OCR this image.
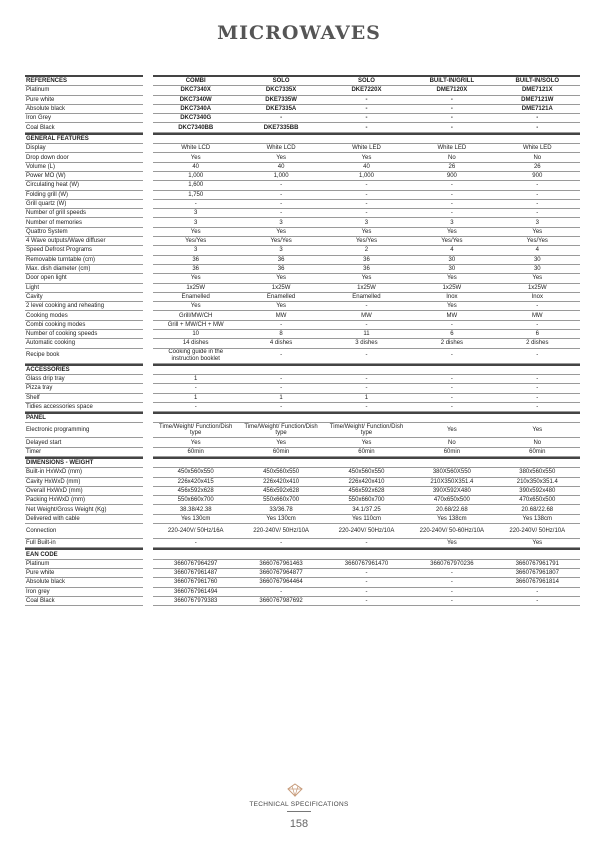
MICROWAVES
REFERENCES		COMBI	SOLO	SOLO	BUILT-IN/GRILL	BUILT-IN/SOLO
Platinum		DKC7340X	DKC7335X	DKE7220X	DME7120X	DME7121X
Pure white		DKC7340W	DKE7335W	-	-	DME7121W
Absolute black		DKC7340A	DKE7335A	-	-	DME7121A
Iron Grey		DKC7340G	-	-	-	-
Coal Black		DKC7340BB	DKE7335BB	-	-	-
GENERAL FEATURES						
Display		White LCD	White LCD	White LED	White LED	White LED
Drop down door		Yes	Yes	Yes	No	No
Volume (L)		40	40	40	26	26
Power MO (W)		1,000	1,000	1,000	900	900
Circulating heat (W)		1,600	-	-	-	-
Folding grill (W)		1,750	-	-	-	-
Grill quartz (W)		-	-	-	-	-
Number of grill speeds		3	-	-	-	-
Number of memories		3	3	3	3	3
Quattro System		Yes	Yes	Yes	Yes	Yes
4 Wave outputs/Wave diffuser		Yes/Yes	Yes/Yes	Yes/Yes	Yes/Yes	Yes/Yes
Speed Defrost Programs		3	3	2	4	4
Removable turntable (cm)		36	36	36	30	30
Max. dish diameter (cm)		36	36	36	30	30
Door open light		Yes	Yes	Yes	Yes	Yes
Light		1x25W	1x25W	1x25W	1x25W	1x25W
Cavity		Enamelled	Enamelled	Enamelled	Inox	Inox
2 level cooking and reheating		Yes	Yes	-	Yes	-
Cooking modes		Grill/MW/CH	MW	MW	MW	MW
Combi cooking modes		Grill + MW/CH + MW	-	-	-	-
Number of cooking speeds		10	8	11	6	6
Automatic cooking		14 dishes	4 dishes	3 dishes	2 dishes	2 dishes
Recipe book		Cooking guide in the instruction booklet	-	-	-	-
ACCESSORIES						
Glass drip tray		1	-	-	-	-
Pizza tray		-	-	-	-	-
Shelf		1	1	1	-	-
Tidies accessories space		-	-	-	-	-
PANEL						
Electronic programming		Time/Weight/ Function/Dish type	Time/Weight/ Function/Dish type	Time/Weight/ Function/Dish type	Yes	Yes
Delayed start		Yes	Yes	Yes	No	No
Timer		60min	60min	60min	60min	60min
DIMENSIONS - WEIGHT						
Built-in HxWxD (mm)		450x560x550	450x560x550	450x560x550	380X560X550	380x560x550
Cavity HxWxD (mm)		226x420x415	226x420x410	226x420x410	210X350X351.4	210x350x351.4
Overall HxWxD (mm)		456x592x628	456x592x628	456x592x628	390X592X480	390x592x480
Packing HxWxD (mm)		550x660x700	550x660x700	550x660x700	470x650x500	470x650x500
Net Weight/Gross Weight (Kg)		38.38/42.38	33/36.78	34.1/37.25	20.68/22.68	20.68/22.68
Delivered with cable		Yes 130cm	Yes 130cm	Yes 110cm	Yes 138cm	Yes 138cm
Connection		220-240V/ 50Hz/16A	220-240V/ 50Hz/10A	220-240V/ 50Hz/10A	220-240V/ 50-60Hz/10A	220-240V/ 50Hz/10A
Full Built-in		-	-	-	Yes	Yes
EAN CODE						
Platinum		3660767964297	3660767961463	3660767961470	3660767970236	3660767961791
Pure white		3660767961487	3660767964877	-	-	3660767961807
Absolute black		3660767961760	3660767964464	-	-	3660767961814
Iron grey		3660767961494	-	-	-	-
Coal Black		3660767979383	3660767987692	-	-	-
TECHNICAL SPECIFICATIONS
158
